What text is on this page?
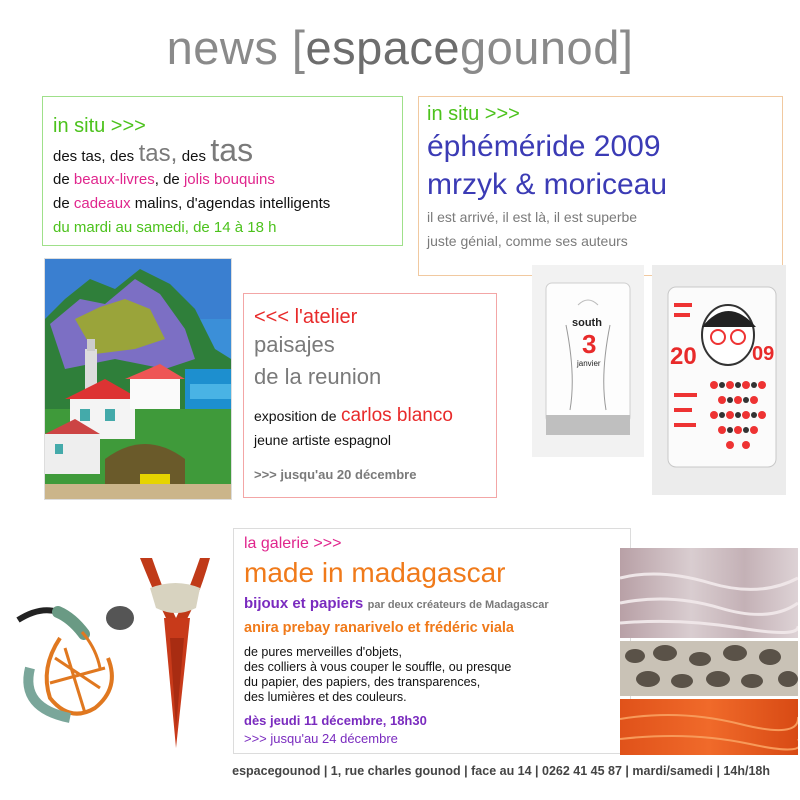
news [espacegounod]
in situ >>>
des tas, des tas, des tas
de beaux-livres, de jolis bouquins
de cadeaux malins, d'agendas intelligents
du mardi au samedi, de 14 à 18 h
in situ >>>
éphéméride 2009
mrzyk & moriceau
il est arrivé, il est là, il est superbe
juste génial, comme ses auteurs
<<< l'atelier
paisajes
de la reunion
exposition de carlos blanco
jeune artiste espagnol
>>> jusqu'au 20 décembre
south
3
janvier	20	09
la galerie >>>
made in madagascar
bijoux et papiers par deux créateurs de Madagascar
anira prebay ranarivelo et frédéric viala
de pures merveilles d'objets,
des colliers à vous couper le souffle, ou presque
du papier, des papiers, des transparences,
des lumières et des couleurs.
dès jeudi 11 décembre, 18h30
>>> jusqu'au 24 décembre
espacegounod | 1, rue charles gounod | face au 14 | 0262 41 45 87 | mardi/samedi | 14h/18h
